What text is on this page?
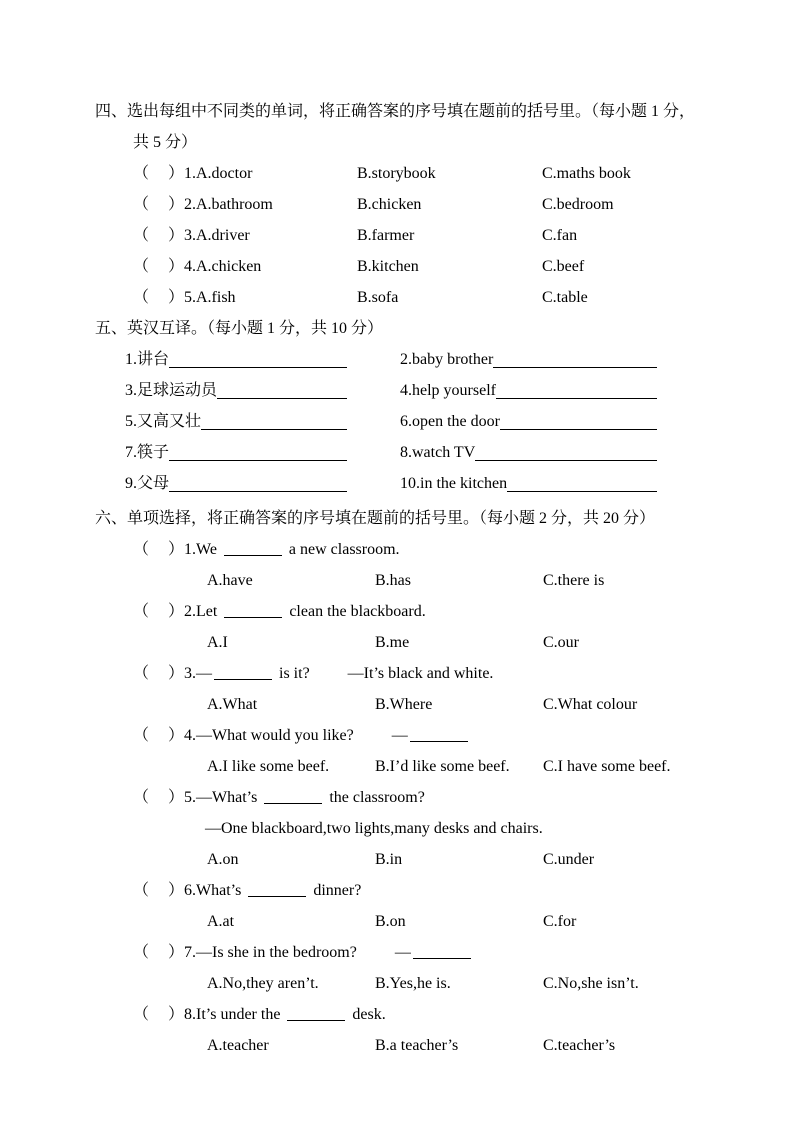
四、选出每组中不同类的单词，将正确答案的序号填在题前的括号里。（每小题 1 分，
共 5 分）
（ ） 1.A.doctor	B.storybook	C.maths book
（ ） 2.A.bathroom	B.chicken	C.bedroom
（ ） 3.A.driver	B.farmer	C.fan
（ ） 4.A.chicken	B.kitchen	C.beef
（ ） 5.A.fish	B.sofa	C.table
五、英汉互译。（每小题 1 分，共 10 分）
1.讲台	2.baby brother
3.足球运动员	4.help yourself
5.又高又壮	6.open the door
7.筷子	8.watch TV
9.父母	10.in the kitchen
六、单项选择，将正确答案的序号填在题前的括号里。（每小题 2 分，共 20 分）
（ ） 1.We	a new classroom.
A.have	B.has	C.there is
（ ） 2.Let	clean the blackboard.
A.I	B.me	C.our
（ ） 3.—	is it? —It’s black and white.
A.What	B.Where	C.What colour
（ ） 4.—What would you like? —
A.I like some beef.	B.I’d like some beef. C.I have some beef.
（ ） 5.—What’s	the classroom?
—One blackboard,two lights,many desks and chairs.
A.on	B.in	C.under
（ ） 6.What’s	dinner?
A.at	B.on	C.for
（ ） 7.—Is she in the bedroom? —
A.No,they aren’t.	B.Yes,he is.	C.No,she isn’t.
（ ） 8.It’s under the	desk.
A.teacher	B.a teacher’s	C.teacher’s
